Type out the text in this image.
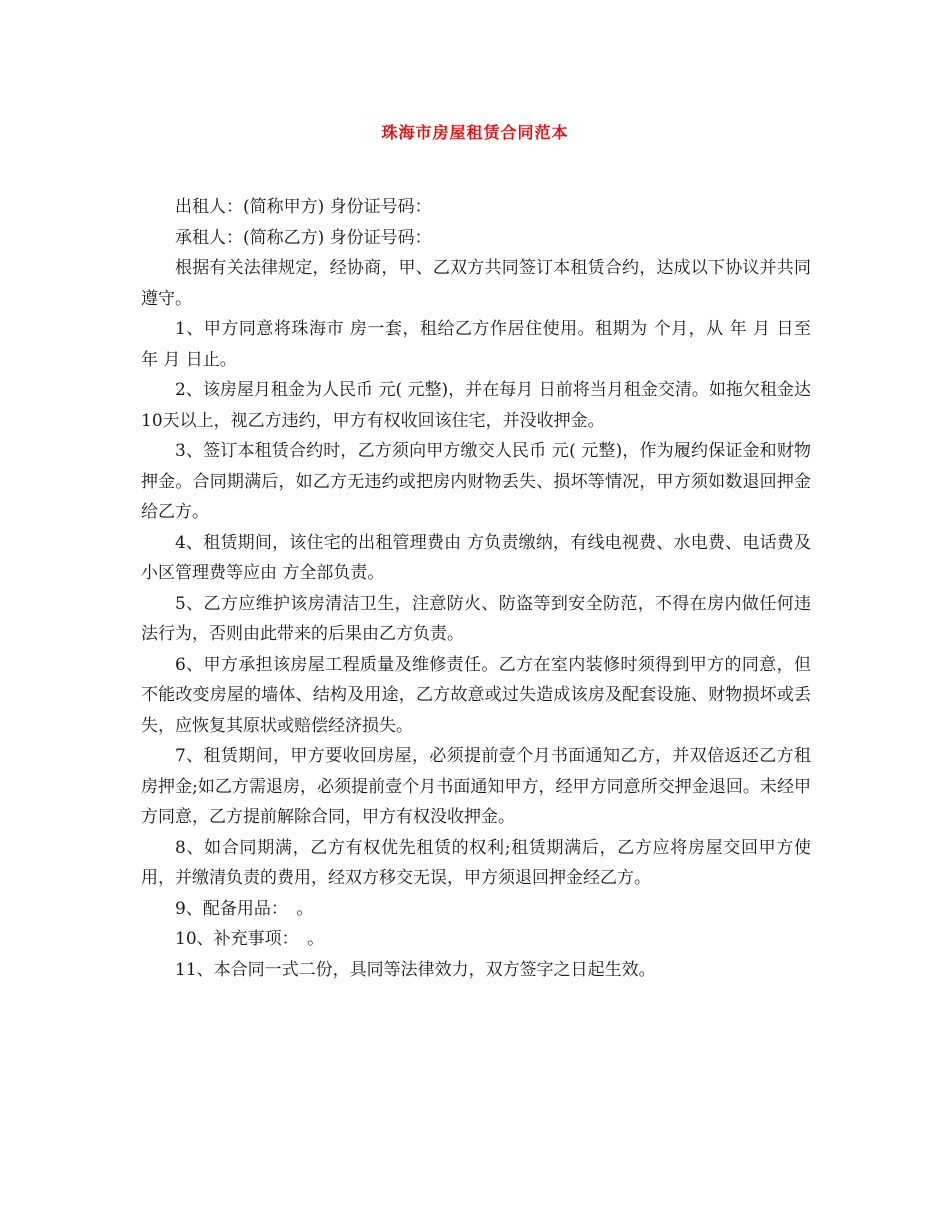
珠海市房屋租赁合同范本

出租人：(简称甲方) 身份证号码：

承租人：(简称乙方) 身份证号码：

根据有关法律规定，经协商，甲、乙双方共同签订本租赁合约，达成以下协议并共同遵守。

1、甲方同意将珠海市 房一套，租给乙方作居住使用。租期为 个月，从 年 月 日至 年 月 日止。

2、该房屋月租金为人民币 元( 元整)，并在每月 日前将当月租金交清。如拖欠租金达10天以上，视乙方违约，甲方有权收回该住宅，并没收押金。

3、签订本租赁合约时，乙方须向甲方缴交人民币 元( 元整)，作为履约保证金和财物押金。合同期满后，如乙方无违约或把房内财物丢失、损坏等情况，甲方须如数退回押金给乙方。

4、租赁期间，该住宅的出租管理费由 方负责缴纳，有线电视费、水电费、电话费及小区管理费等应由 方全部负责。

5、乙方应维护该房清洁卫生，注意防火、防盗等到安全防范，不得在房内做任何违法行为，否则由此带来的后果由乙方负责。

6、甲方承担该房屋工程质量及维修责任。乙方在室内装修时须得到甲方的同意，但不能改变房屋的墙体、结构及用途，乙方故意或过失造成该房及配套设施、财物损坏或丢失，应恢复其原状或赔偿经济损失。

7、租赁期间，甲方要收回房屋，必须提前壹个月书面通知乙方，并双倍返还乙方租房押金;如乙方需退房，必须提前壹个月书面通知甲方，经甲方同意所交押金退回。未经甲方同意，乙方提前解除合同，甲方有权没收押金。

8、如合同期满，乙方有权优先租赁的权利;租赁期满后，乙方应将房屋交回甲方使用，并缴清负责的费用，经双方移交无误，甲方须退回押金经乙方。

9、配备用品：　。

10、补充事项：　。

11、本合同一式二份，具同等法律效力，双方签字之日起生效。
